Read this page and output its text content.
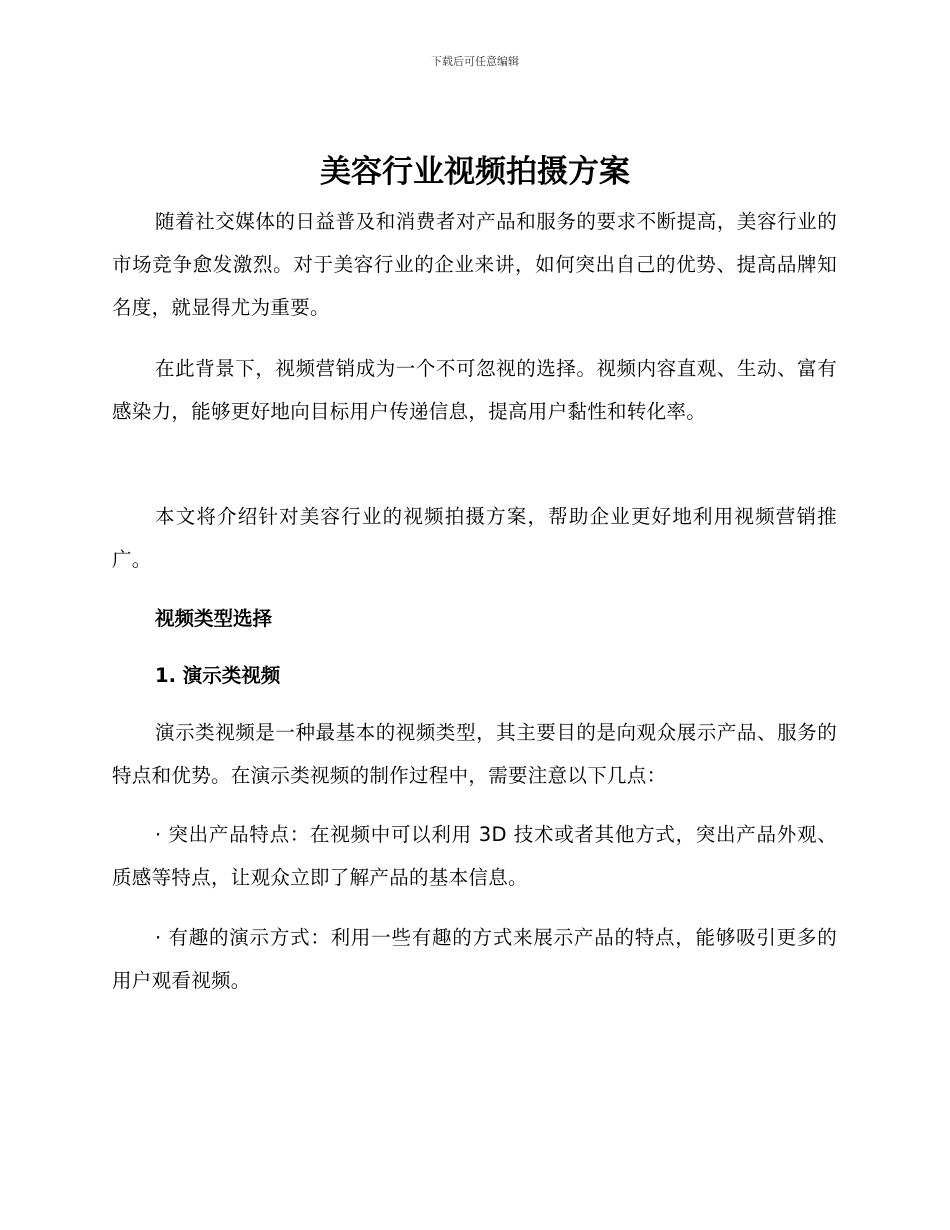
下载后可任意编辑
美容行业视频拍摄方案

随着社交媒体的日益普及和消费者对产品和服务的要求不断提高，美容行业的市场竞争愈发激烈。对于美容行业的企业来讲，如何突出自己的优势、提高品牌知名度，就显得尤为重要。

在此背景下，视频营销成为一个不可忽视的选择。视频内容直观、生动、富有感染力，能够更好地向目标用户传递信息，提高用户黏性和转化率。

本文将介绍针对美容行业的视频拍摄方案，帮助企业更好地利用视频营销推广。

视频类型选择
1. 演示类视频

演示类视频是一种最基本的视频类型，其主要目的是向观众展示产品、服务的特点和优势。在演示类视频的制作过程中，需要注意以下几点：

· 突出产品特点：在视频中可以利用 3D 技术或者其他方式，突出产品外观、质感等特点，让观众立即了解产品的基本信息。

· 有趣的演示方式：利用一些有趣的方式来展示产品的特点，能够吸引更多的用户观看视频。
